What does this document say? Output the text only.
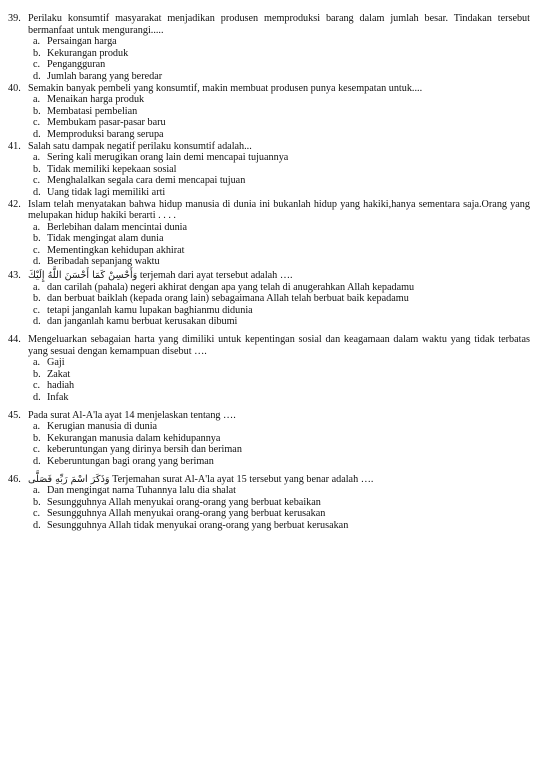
39. Perilaku konsumtif masyarakat menjadikan produsen memproduksi barang dalam jumlah besar. Tindakan tersebut bermanfaat untuk mengurangi.....
a. Persaingan harga
b. Kekurangan produk
c. Pengangguran
d. Jumlah barang yang beredar
40. Semakin banyak pembeli yang konsumtif, makin membuat produsen punya kesempatan untuk....
a. Menaikan harga produk
b. Membatasi pembelian
c. Membukam pasar-pasar baru
d. Memproduksi barang serupa
41. Salah satu dampak negatif perilaku konsumtif adalah...
a. Sering kali merugikan orang lain demi mencapai tujuannya
b. Tidak memiliki kepekaan sosial
c. Menghalalkan segala cara demi mencapai tujuan
d. Uang tidak lagi memiliki arti
42. Islam telah menyatakan bahwa hidup manusia di dunia ini bukanlah hidup yang hakiki,hanya sementara saja.Orang yang melupakan hidup hakiki berarti . . . .
a. Berlebihan dalam mencintai dunia
b. Tidak mengingat alam dunia
c. Mementingkan kehidupan akhirat
d. Beribadah sepanjang waktu
43. وَأَحْسِنْ كَمَا أَحْسَنَ اللَّهُ إِلَيْكَ terjemah dari ayat tersebut adalah ….
a. dan carilah (pahala) negeri akhirat dengan apa yang telah di anugerahkan Allah kepadamu
b. dan berbuat baiklah (kepada orang lain) sebagaimana Allah telah berbuat baik kepadamu
c. tetapi janganlah kamu lupakan baghianmu didunia
d. dan janganlah kamu berbuat kerusakan dibumi
44. Mengeluarkan sebagaian harta yang dimiliki untuk kepentingan sosial dan keagamaan dalam waktu yang tidak terbatas yang sesuai dengan kemampuan disebut ….
a. Gaji
b. Zakat
c. hadiah
d. Infak
45. Pada surat Al-A'la ayat 14 menjelaskan tentang ….
a. Kerugian manusia di dunia
b. Kekurangan manusia dalam kehidupannya
c. keberuntungan yang dirinya bersih dan beriman
d. Keberuntungan bagi orang yang beriman
46. وَذَكَرَ اسْمَ رَبِّهِ فَصَلَّى Terjemahan surat Al-A'la ayat 15 tersebut yang benar adalah ….
a. Dan mengingat nama Tuhannya lalu dia shalat
b. Sesungguhnya Allah menyukai orang-orang yang berbuat kebaikan
c. Sesungguhnya Allah menyukai orang-orang yang berbuat kerusakan
d. Sesungguhnya Allah tidak menyukai orang-orang yang berbuat kerusakan
